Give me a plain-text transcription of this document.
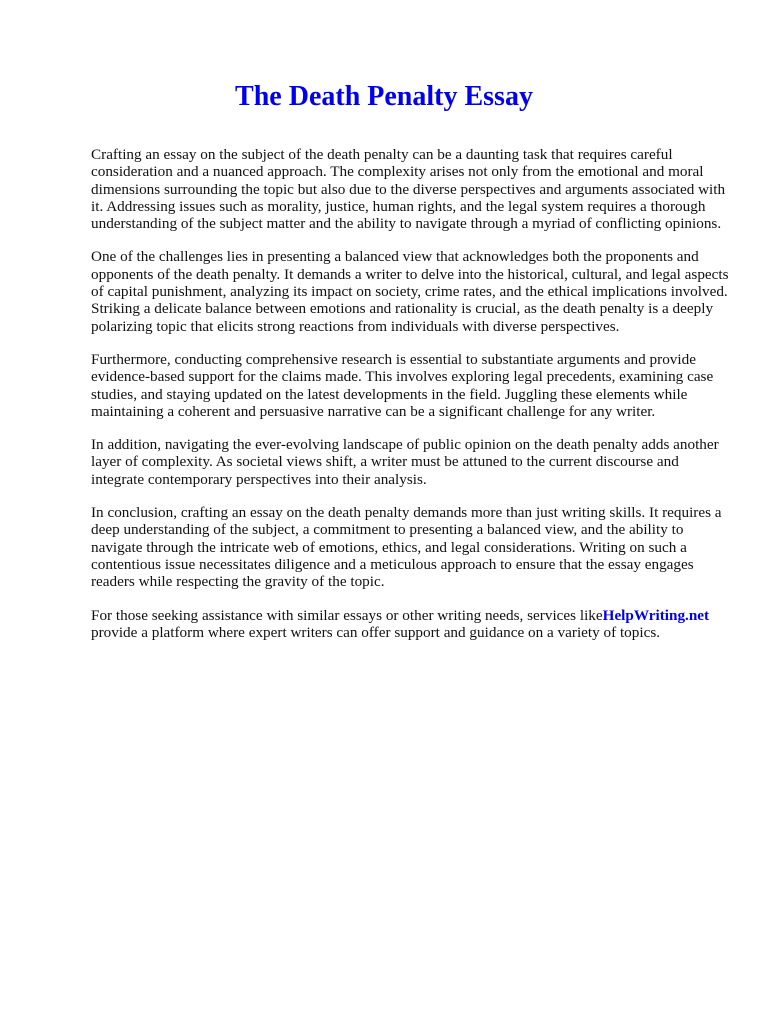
The Death Penalty Essay

Crafting an essay on the subject of the death penalty can be a daunting task that requires careful consideration and a nuanced approach. The complexity arises not only from the emotional and moral dimensions surrounding the topic but also due to the diverse perspectives and arguments associated with it. Addressing issues such as morality, justice, human rights, and the legal system requires a thorough understanding of the subject matter and the ability to navigate through a myriad of conflicting opinions.

One of the challenges lies in presenting a balanced view that acknowledges both the proponents and opponents of the death penalty. It demands a writer to delve into the historical, cultural, and legal aspects of capital punishment, analyzing its impact on society, crime rates, and the ethical implications involved. Striking a delicate balance between emotions and rationality is crucial, as the death penalty is a deeply polarizing topic that elicits strong reactions from individuals with diverse perspectives.

Furthermore, conducting comprehensive research is essential to substantiate arguments and provide evidence-based support for the claims made. This involves exploring legal precedents, examining case studies, and staying updated on the latest developments in the field. Juggling these elements while maintaining a coherent and persuasive narrative can be a significant challenge for any writer.

In addition, navigating the ever-evolving landscape of public opinion on the death penalty adds another layer of complexity. As societal views shift, a writer must be attuned to the current discourse and integrate contemporary perspectives into their analysis.

In conclusion, crafting an essay on the death penalty demands more than just writing skills. It requires a deep understanding of the subject, a commitment to presenting a balanced view, and the ability to navigate through the intricate web of emotions, ethics, and legal considerations. Writing on such a contentious issue necessitates diligence and a meticulous approach to ensure that the essay engages readers while respecting the gravity of the topic.

For those seeking assistance with similar essays or other writing needs, services likeHelpWriting.net provide a platform where expert writers can offer support and guidance on a variety of topics.
